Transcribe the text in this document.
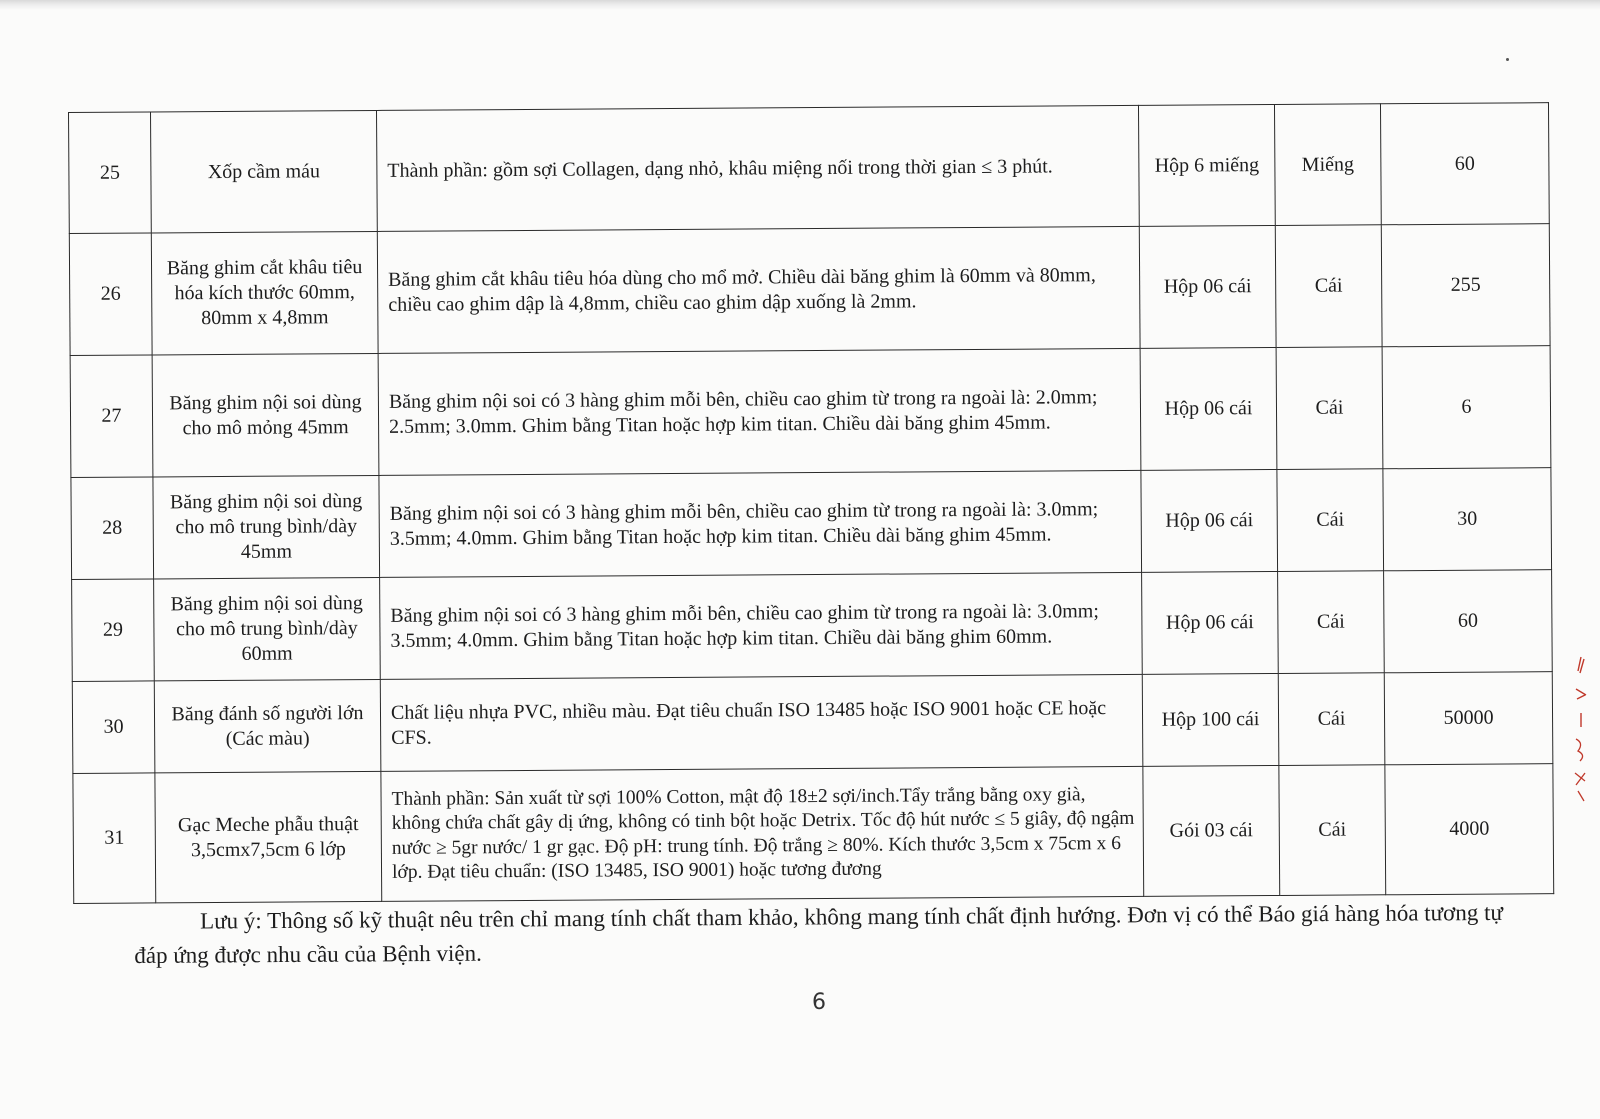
25	Xốp cầm máu	Thành phần: gồm sợi Collagen, dạng nhỏ, khâu miệng nối trong thời gian ≤ 3 phút.	Hộp 6 miếng	Miếng	60
26	Băng ghim cắt khâu tiêu hóa kích thước 60mm, 80mm x 4,8mm	Băng ghim cắt khâu tiêu hóa dùng cho mổ mở. Chiều dài băng ghim là 60mm và 80mm, chiều cao ghim dập là 4,8mm, chiều cao ghim dập xuống là 2mm.	Hộp 06 cái	Cái	255
27	Băng ghim nội soi dùng cho mô mỏng 45mm	Băng ghim nội soi có 3 hàng ghim mỗi bên, chiều cao ghim từ trong ra ngoài là: 2.0mm; 2.5mm; 3.0mm. Ghim bằng Titan hoặc hợp kim titan. Chiều dài băng ghim 45mm.	Hộp 06 cái	Cái	6
28	Băng ghim nội soi dùng cho mô trung bình/dày 45mm	Băng ghim nội soi có 3 hàng ghim mỗi bên, chiều cao ghim từ trong ra ngoài là: 3.0mm; 3.5mm; 4.0mm. Ghim bằng Titan hoặc hợp kim titan. Chiều dài băng ghim 45mm.	Hộp 06 cái	Cái	30
29	Băng ghim nội soi dùng cho mô trung bình/dày 60mm	Băng ghim nội soi có 3 hàng ghim mỗi bên, chiều cao ghim từ trong ra ngoài là: 3.0mm; 3.5mm; 4.0mm. Ghim bằng Titan hoặc hợp kim titan. Chiều dài băng ghim 60mm.	Hộp 06 cái	Cái	60
30	Băng đánh số người lớn (Các màu)	Chất liệu nhựa PVC, nhiều màu. Đạt tiêu chuẩn ISO 13485 hoặc ISO 9001 hoặc CE hoặc CFS.	Hộp 100 cái	Cái	50000
31	Gạc Meche phẫu thuật 3,5cmx7,5cm 6 lớp	Thành phần: Sản xuất từ sợi 100% Cotton, mật độ 18±2 sợi/inch.Tẩy trắng bằng oxy già, không chứa chất gây dị ứng, không có tinh bột hoặc Detrix. Tốc độ hút nước ≤ 5 giây, độ ngậm nước ≥ 5gr nước/ 1 gr gạc. Độ pH: trung tính. Độ trắng ≥ 80%. Kích thước 3,5cm x 75cm x 6 lớp. Đạt tiêu chuẩn: (ISO 13485, ISO 9001) hoặc tương đương	Gói 03 cái	Cái	4000
Lưu ý: Thông số kỹ thuật nêu trên chỉ mang tính chất tham khảo, không mang tính chất định hướng. Đơn vị có thể Báo giá hàng hóa tương tự đáp ứng được nhu cầu của Bệnh viện.
6
